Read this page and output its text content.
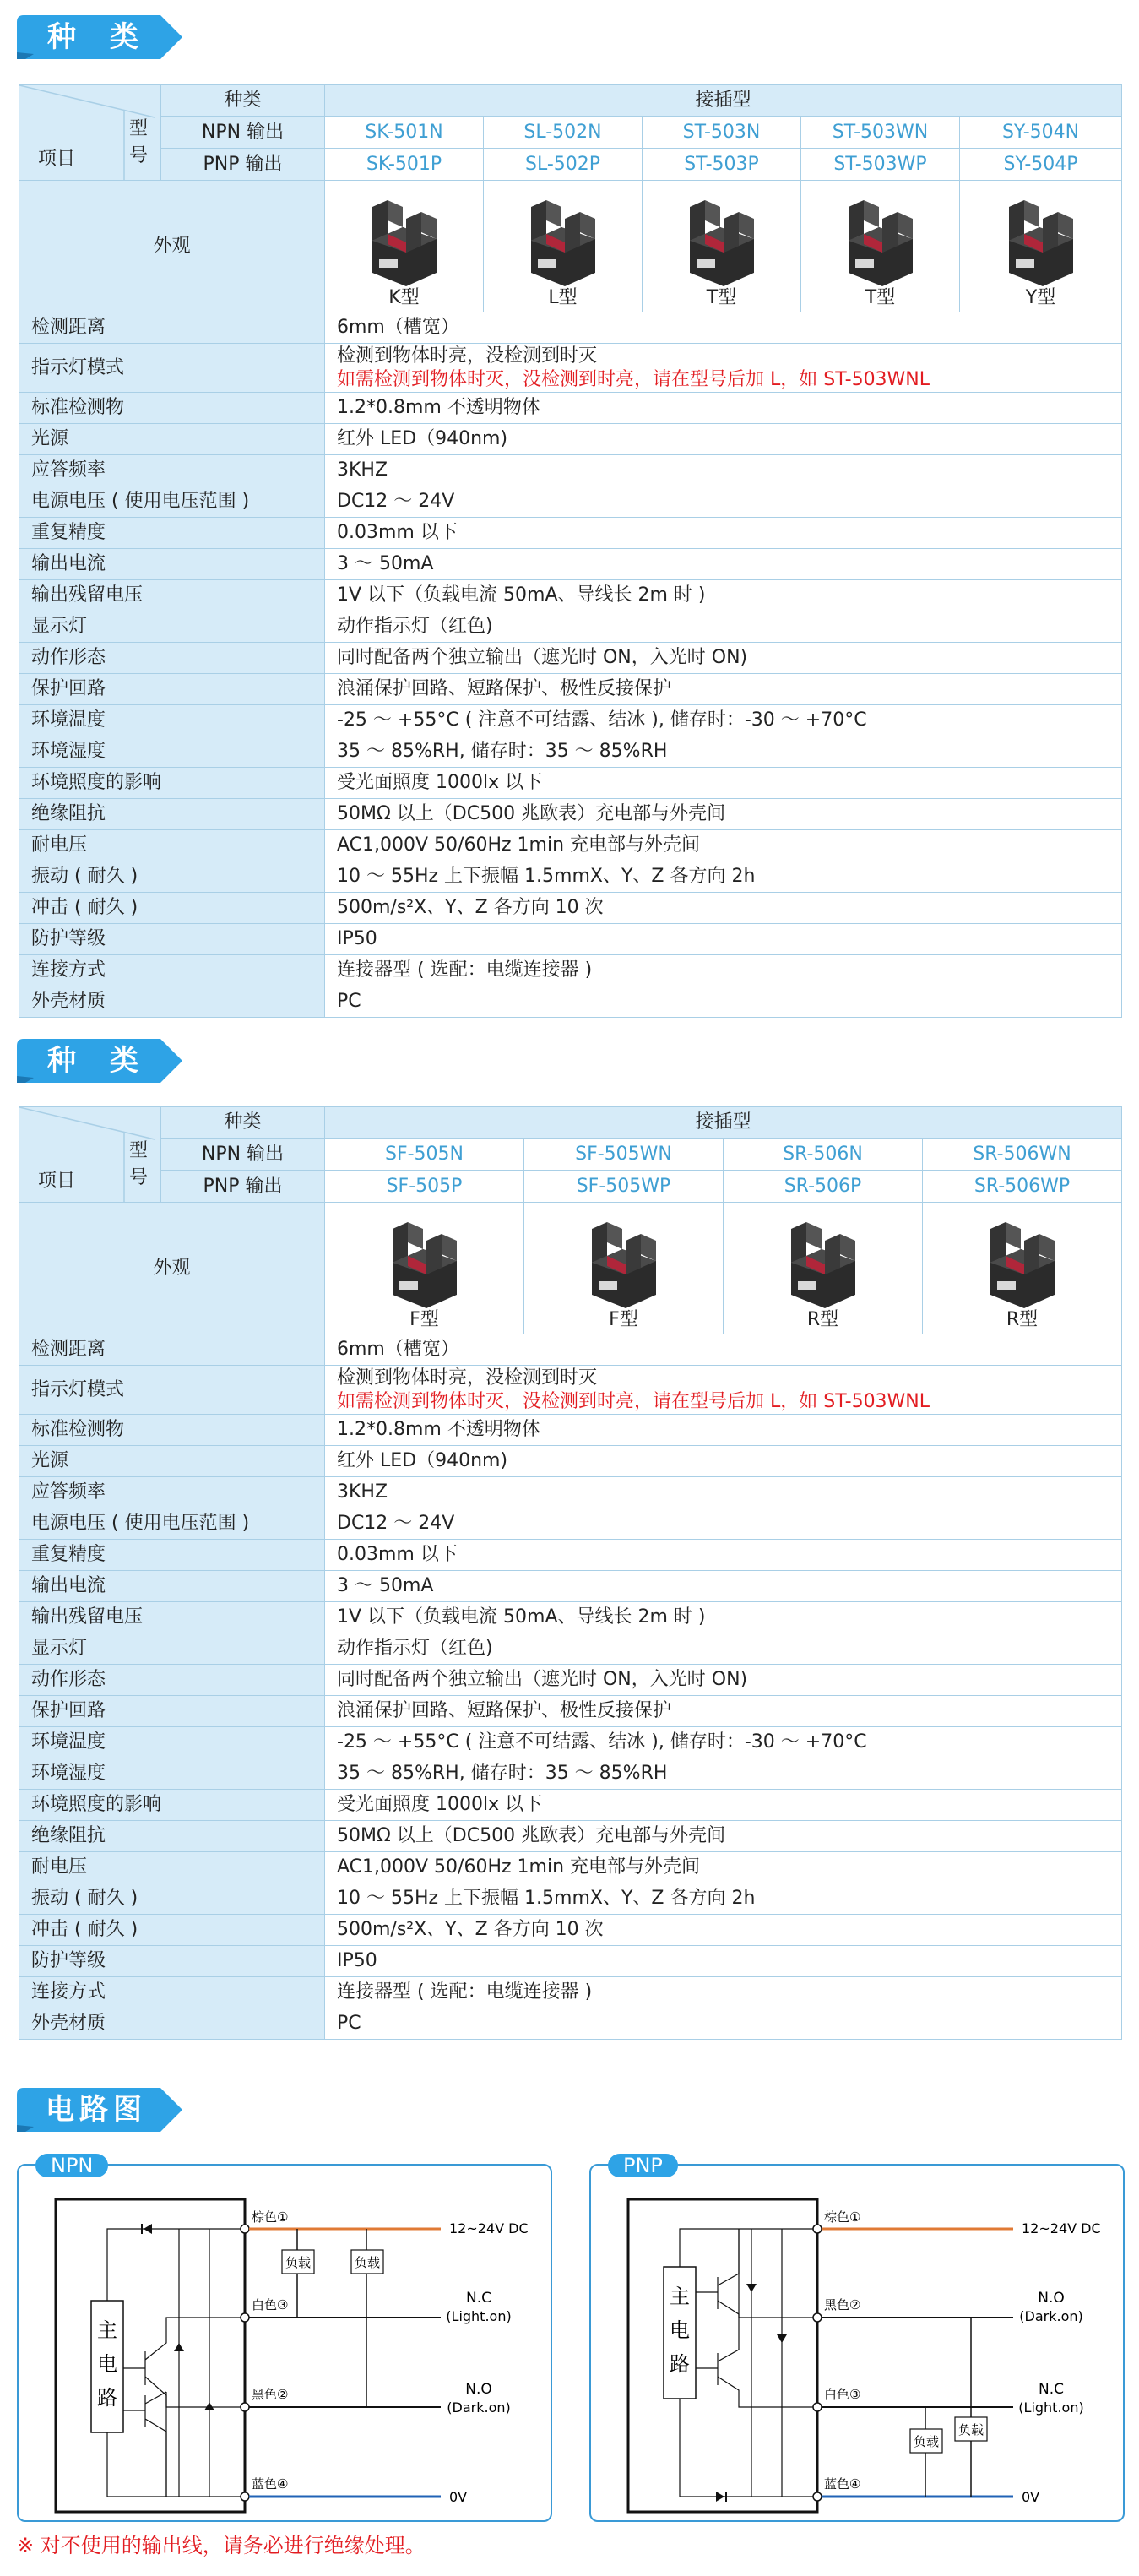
种 类
型
号
项目	种类	接插型				
	NPN 输出	SK-501N	SL-502N	ST-503N	ST-503WN	SY-504N
	PNP 输出	SK-501P	SL-502P	ST-503P	ST-503WP	SY-504P
外观		K型	L型	T型	T型	Y型

检测距离		6mm（槽宽）				
指示灯模式		检测到物体时亮，没检测到时灭
如需检测到物体时灭，没检测到时亮，请在型号后加 L，如 ST-503WNL				

标准检测物		1.2*0.8mm 不透明物体				
光源		红外 LED（940nm)				
应答频率		3KHZ				
电源电压 ( 使用电压范围 )		DC12 ～ 24V				
重复精度		0.03mm 以下				
输出电流		3 ～ 50mA				
输出残留电压		1V 以下（负载电流 50mA、导线长 2m 时 )				
显示灯		动作指示灯（红色)				
动作形态		同时配备两个独立输出（遮光时 ON，入光时 ON)				
保护回路		浪涌保护回路、短路保护、极性反接保护				
环境温度		-25 ～ +55°C ( 注意不可结露、结冰 ), 储存时：-30 ～ +70°C				
环境湿度		35 ～ 85%RH, 储存时：35 ～ 85%RH				
环境照度的影响		受光面照度 1000lx 以下				
绝缘阻抗		50MΩ 以上（DC500 兆欧表）充电部与外壳间				
耐电压		AC1,000V 50/60Hz 1min 充电部与外壳间				
振动 ( 耐久 )		10 ～ 55Hz 上下振幅 1.5mmX、Y、Z 各方向 2h				
冲击 ( 耐久 )		500m/s²X、Y、Z 各方向 10 次				
防护等级		IP50				
连接方式		连接器型 ( 选配：电缆连接器 )				
外壳材质		PC				
种 类
型
号
项目	种类	接插型			
	NPN 输出	SF-505N	SF-505WN	SR-506N	SR-506WN
	PNP 输出	SF-505P	SF-505WP	SR-506P	SR-506WP
外观		F型	F型	R型	R型

检测距离		6mm（槽宽）			
指示灯模式		检测到物体时亮，没检测到时灭
如需检测到物体时灭，没检测到时亮，请在型号后加 L，如 ST-503WNL			

标准检测物		1.2*0.8mm 不透明物体			
光源		红外 LED（940nm)			
应答频率		3KHZ			
电源电压 ( 使用电压范围 )		DC12 ～ 24V			
重复精度		0.03mm 以下			
输出电流		3 ～ 50mA			
输出残留电压		1V 以下（负载电流 50mA、导线长 2m 时 )			
显示灯		动作指示灯（红色)			
动作形态		同时配备两个独立输出（遮光时 ON，入光时 ON)			
保护回路		浪涌保护回路、短路保护、极性反接保护			
环境温度		-25 ～ +55°C ( 注意不可结露、结冰 ), 储存时：-30 ～ +70°C			
环境湿度		35 ～ 85%RH, 储存时：35 ～ 85%RH			
环境照度的影响		受光面照度 1000lx 以下			
绝缘阻抗		50MΩ 以上（DC500 兆欧表）充电部与外壳间			
耐电压		AC1,000V 50/60Hz 1min 充电部与外壳间			
振动 ( 耐久 )		10 ～ 55Hz 上下振幅 1.5mmX、Y、Z 各方向 2h			
冲击 ( 耐久 )		500m/s²X、Y、Z 各方向 10 次			
防护等级		IP50			
连接方式		连接器型 ( 选配：电缆连接器 )			
外壳材质		PC			
电路图
NPN
主
电
路
负载	负载
棕色①
白色③
黑色②
蓝色④
12~24V DC
N.C
(Light.on)
N.O
(Dark.on)
0V
PNP
主
电
路
负载
负载
棕色①
黑色②
白色③
蓝色④
12~24V DC
N.O
(Dark.on)
N.C
(Light.on)
0V
※ 对不使用的输出线，请务必进行绝缘处理。
